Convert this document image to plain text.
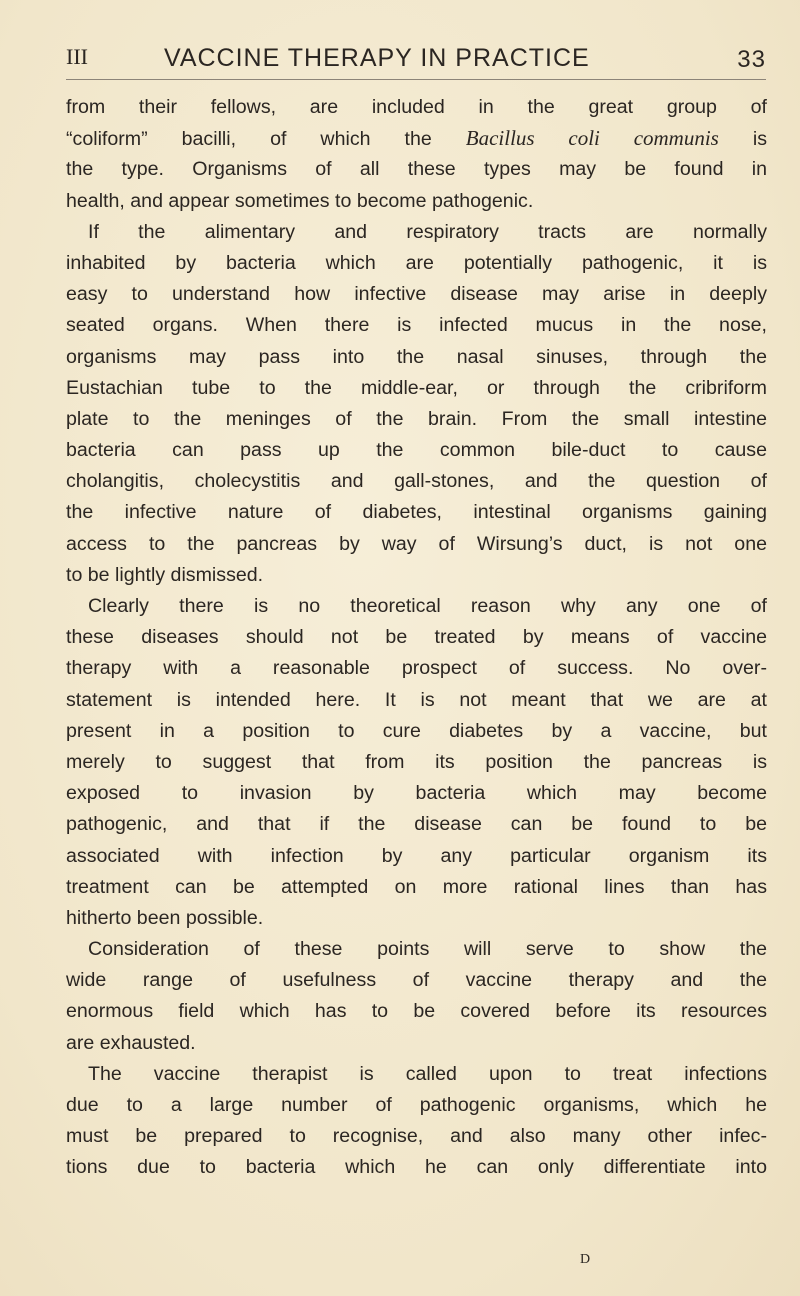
III	VACCINE THERAPY IN PRACTICE	33
from their fellows, are included in the great group of
“coliform” bacilli, of which the Bacillus coli communis is
the type. Organisms of all these types may be found in
health, and appear sometimes to become pathogenic.
If the alimentary and respiratory tracts are normally
inhabited by bacteria which are potentially pathogenic, it is
easy to understand how infective disease may arise in deeply
seated organs. When there is infected mucus in the nose,
organisms may pass into the nasal sinuses, through the
Eustachian tube to the middle-ear, or through the cribriform
plate to the meninges of the brain. From the small intestine
bacteria can pass up the common bile-duct to cause
cholangitis, cholecystitis and gall-stones, and the question of
the infective nature of diabetes, intestinal organisms gaining
access to the pancreas by way of Wirsung’s duct, is not one
to be lightly dismissed.
Clearly there is no theoretical reason why any one of
these diseases should not be treated by means of vaccine
therapy with a reasonable prospect of success. No over-
statement is intended here. It is not meant that we are at
present in a position to cure diabetes by a vaccine, but
merely to suggest that from its position the pancreas is
exposed to invasion by bacteria which may become
pathogenic, and that if the disease can be found to be
associated with infection by any particular organism its
treatment can be attempted on more rational lines than has
hitherto been possible.
Consideration of these points will serve to show the
wide range of usefulness of vaccine therapy and the
enormous field which has to be covered before its resources
are exhausted.
The vaccine therapist is called upon to treat infections
due to a large number of pathogenic organisms, which he
must be prepared to recognise, and also many other infec-
tions due to bacteria which he can only differentiate into
D
